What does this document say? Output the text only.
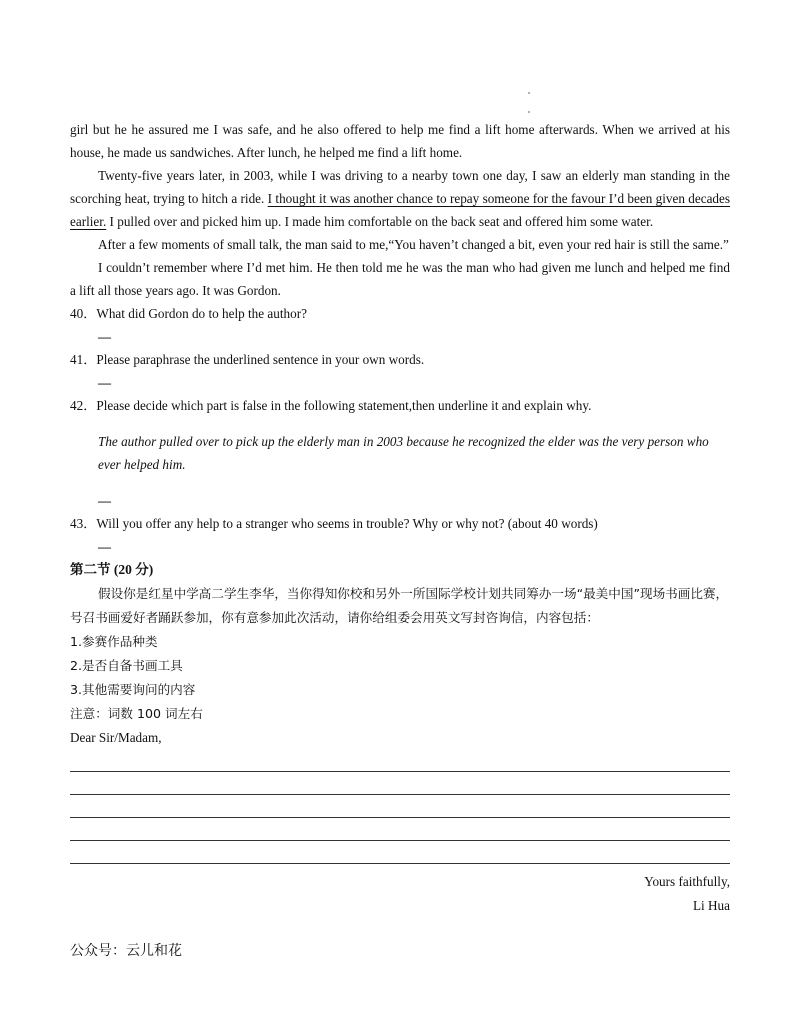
girl but he he assured me I was safe, and he also offered to help me find a lift home afterwards. When we arrived at his house, he made us sandwiches. After lunch, he helped me find a lift home.

Twenty-five years later, in 2003, while I was driving to a nearby town one day, I saw an elderly man standing in the scorching heat, trying to hitch a ride. I thought it was another chance to repay someone for the favour I’d been given decades earlier. I pulled over and picked him up. I made him comfortable on the back seat and offered him some water.

After a few moments of small talk, the man said to me,“You haven’t changed a bit, even your red hair is still the same.”

I couldn’t remember where I’d met him. He then told me he was the man who had given me lunch and helped me find a lift all those years ago. It was Gordon.

40．What did Gordon do to help the author?

—

41．Please paraphrase the underlined sentence in your own words.

—

42．Please decide which part is false in the following statement,then underline it and explain why.

The author pulled over to pick up the elderly man in 2003 because he recognized the elder was the very person who ever helped him.

—

43．Will you offer any help to a stranger who seems in trouble? Why or why not? (about 40 words)

—

第二节 (20 分)

假设你是红星中学高二学生李华，当你得知你校和另外一所国际学校计划共同筹办一场“最美中国”现场书画比赛，号召书画爱好者踊跃参加，你有意参加此次活动，请你给组委会用英文写封咨询信，内容包括：

1.参赛作品种类

2.是否自备书画工具

3.其他需要询问的内容

注意：词数 100 词左右

Dear Sir/Madam,

Yours faithfully,

Li Hua

公众号：云儿和花
